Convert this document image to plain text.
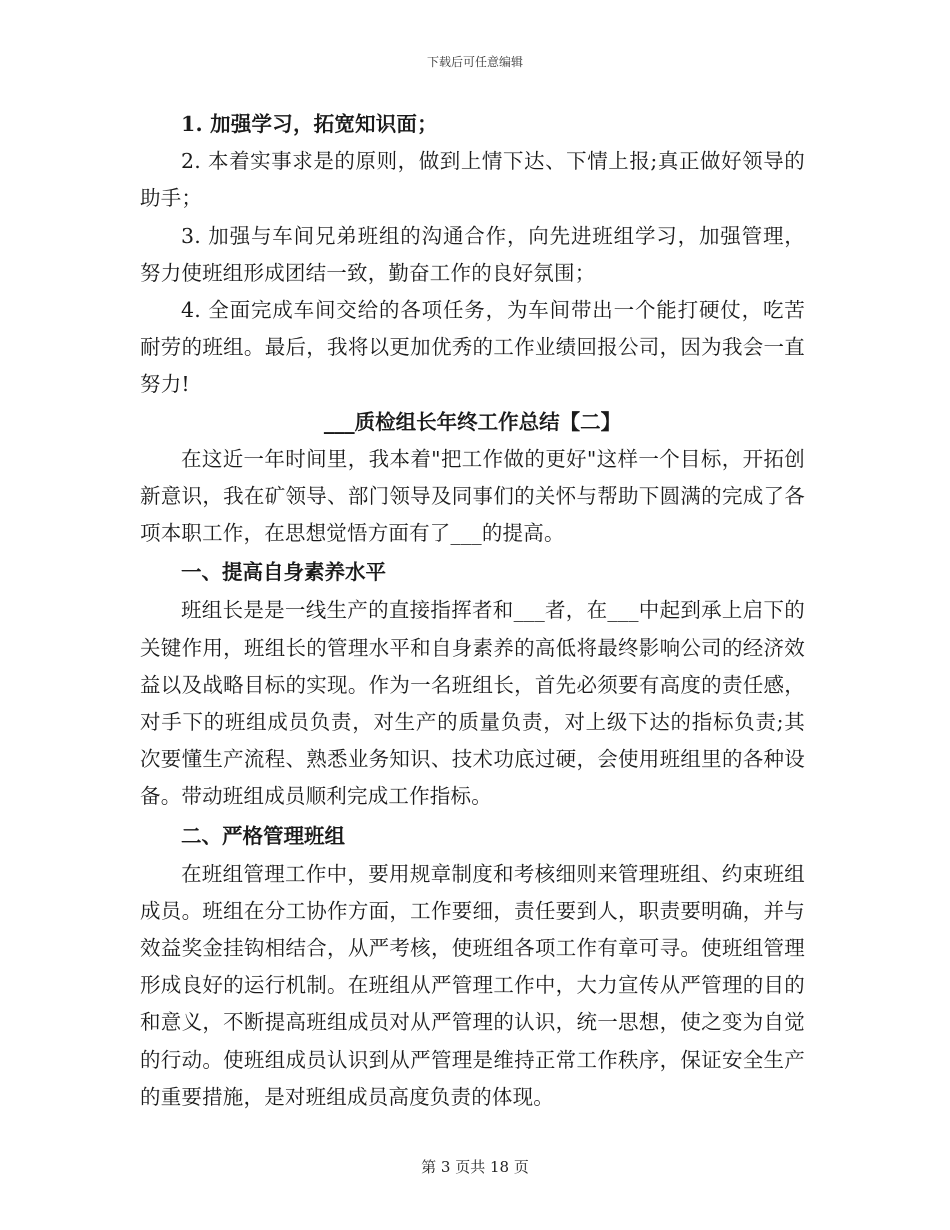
下载后可任意编辑

1. 加强学习，拓宽知识面；

2. 本着实事求是的原则，做到上情下达、下情上报;真正做好领导的助手；

3. 加强与车间兄弟班组的沟通合作，向先进班组学习，加强管理，努力使班组形成团结一致，勤奋工作的良好氛围；

4. 全面完成车间交给的各项任务，为车间带出一个能打硬仗，吃苦耐劳的班组。最后，我将以更加优秀的工作业绩回报公司，因为我会一直努力!

___质检组长年终工作总结【二】

在这近一年时间里，我本着"把工作做的更好"这样一个目标，开拓创新意识，我在矿领导、部门领导及同事们的关怀与帮助下圆满的完成了各项本职工作，在思想觉悟方面有了___的提高。

一、提高自身素养水平

班组长是是一线生产的直接指挥者和___者，在___中起到承上启下的关键作用，班组长的管理水平和自身素养的高低将最终影响公司的经济效益以及战略目标的实现。作为一名班组长，首先必须要有高度的责任感，对手下的班组成员负责，对生产的质量负责，对上级下达的指标负责;其次要懂生产流程、熟悉业务知识、技术功底过硬，会使用班组里的各种设备。带动班组成员顺利完成工作指标。

二、严格管理班组

在班组管理工作中，要用规章制度和考核细则来管理班组、约束班组成员。班组在分工协作方面，工作要细，责任要到人，职责要明确，并与效益奖金挂钩相结合，从严考核，使班组各项工作有章可寻。使班组管理形成良好的运行机制。在班组从严管理工作中，大力宣传从严管理的目的和意义，不断提高班组成员对从严管理的认识，统一思想，使之变为自觉的行动。使班组成员认识到从严管理是维持正常工作秩序，保证安全生产的重要措施，是对班组成员高度负责的体现。

第 3 页共 18 页
